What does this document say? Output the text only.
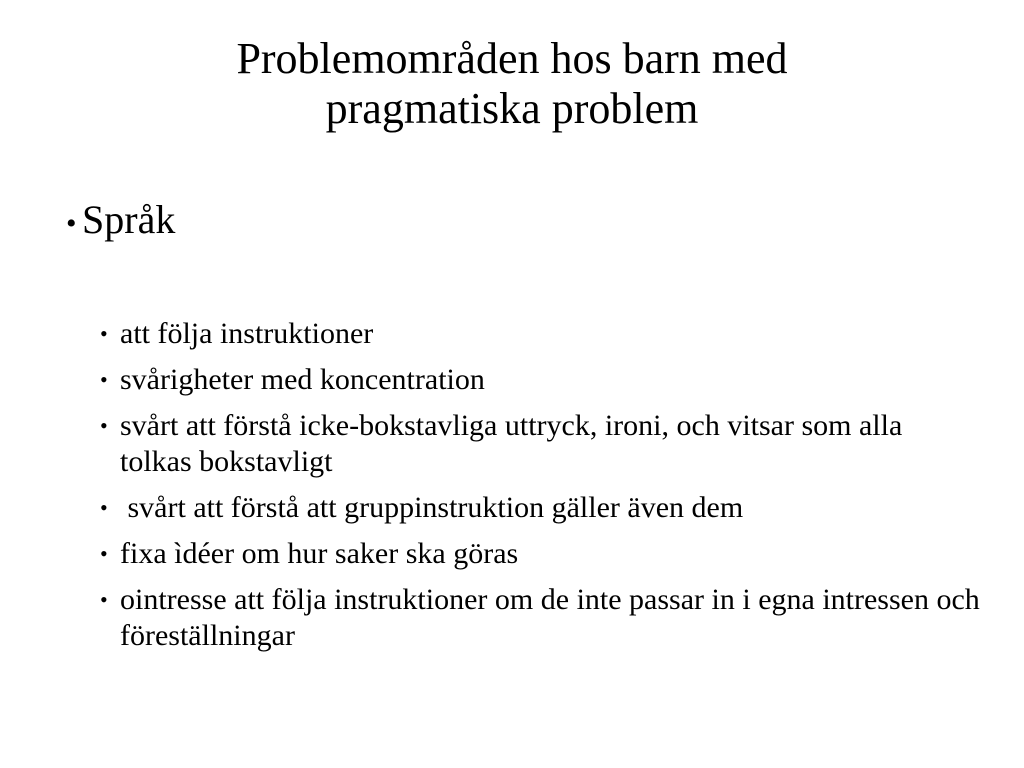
Problemområden hos barn med
pragmatiska problem
• Språk
• att följa instruktioner
• svårigheter med koncentration
• svårt att förstå icke-bokstavliga uttryck, ironi, och vitsar som alla tolkas bokstavligt
• svårt att förstå att gruppinstruktion gäller även dem
• fixa ìdéer om hur saker ska göras
• ointresse att följa instruktioner om de inte passar in i egna intressen och föreställningar
